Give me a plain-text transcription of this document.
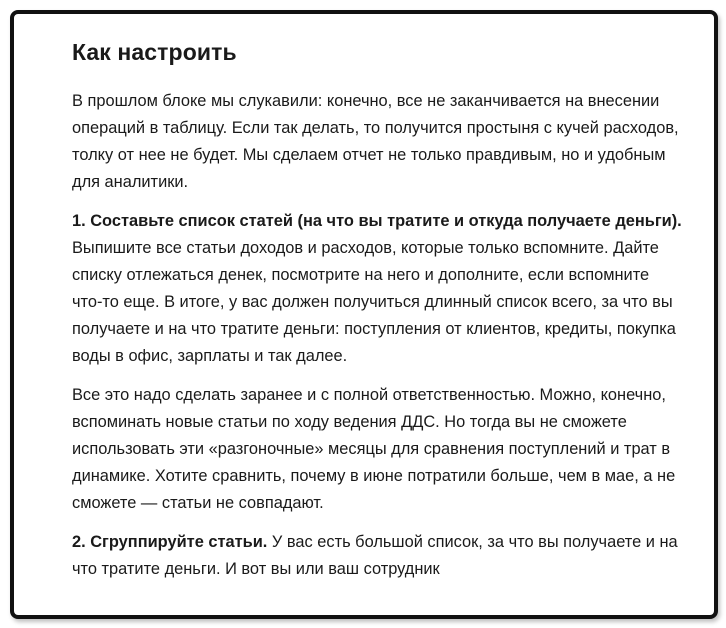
Как настроить

В прошлом блоке мы слукавили: конечно, все не заканчивается на внесении операций в таблицу. Если так делать, то получится простыня с кучей расходов, толку от нее не будет. Мы сделаем отчет не только правдивым, но и удобным для аналитики.

1. Составьте список статей (на что вы тратите и откуда получаете деньги). Выпишите все статьи доходов и расходов, которые только вспомните. Дайте списку отлежаться денек, посмотрите на него и дополните, если вспомните что-то еще. В итоге, у вас должен получиться длинный список всего, за что вы получаете и на что тратите деньги: поступления от клиентов, кредиты, покупка воды в офис, зарплаты и так далее.

Все это надо сделать заранее и с полной ответственностью. Можно, конечно, вспоминать новые статьи по ходу ведения ДДС. Но тогда вы не сможете использовать эти «разгоночные» месяцы для сравнения поступлений и трат в динамике. Хотите сравнить, почему в июне потратили больше, чем в мае, а не сможете — статьи не совпадают.

2. Сгруппируйте статьи. У вас есть большой список, за что вы получаете и на что тратите деньги. И вот вы или ваш сотрудник
